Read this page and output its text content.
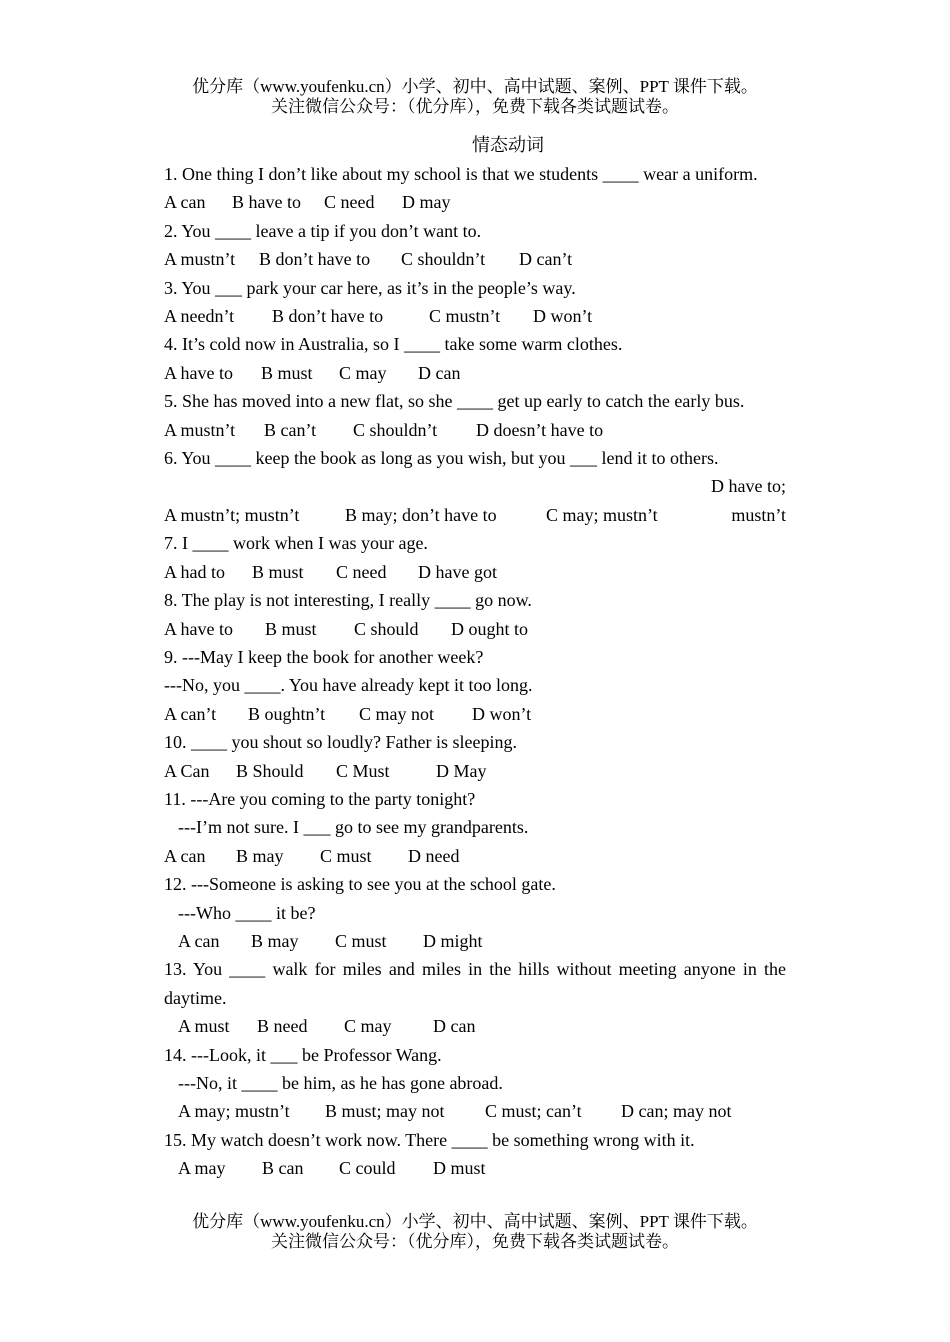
优分库（www.youfenku.cn）小学、初中、高中试题、案例、PPT 课件下载。
关注微信公众号：（优分库），免费下载各类试题试卷。
情态动词
1. One thing I don’t like about my school is that we students ____ wear a uniform.
A can B have to C need D may
2. You ____ leave a tip if you don’t want to.
A mustn’t B don’t have to C shouldn’t D can’t
3. You ___ park your car here, as it’s in the people’s way.
A needn’t B don’t have to	C mustn’t D won’t
4. It’s cold now in Australia, so I ____ take some warm clothes.
A have to B must C may D can
5. She has moved into a new flat, so she ____ get up early to catch the early bus.
A mustn’t B can’t C shouldn’t D doesn’t have to
6. You ____ keep the book as long as you wish, but you ___ lend it to others.
A mustn’t; mustn’t	B may; don’t have to	C may; mustn’tD have to; mustn’t
7. I ____ work when I was your age.
A had to B must C need D have got
8. The play is not interesting, I really ____ go now.
A have to B must C should D ought to
9. ---May I keep the book for another week?
---No, you ____. You have already kept it too long.
A can’t B oughtn’t C may not D won’t
10. ____ you shout so loudly? Father is sleeping.
A Can B Should C Must	D May
11. ---Are you coming to the party tonight?
---I’m not sure. I ___ go to see my grandparents.
A can B may C must D need
12. ---Someone is asking to see you at the school gate.
---Who ____ it be?
A can B may C must D might
13. You ____ walk for miles and miles in the hills without meeting anyone in the daytime.
A must B need C may D can
14. ---Look, it ___ be Professor Wang.
---No, it ____ be him, as he has gone abroad.
A may; mustn’t B must; may not C must; can’t D can; may not
15. My watch doesn’t work now. There ____ be something wrong with it.
A may B can C could D must
优分库（www.youfenku.cn）小学、初中、高中试题、案例、PPT 课件下载。
关注微信公众号：（优分库），免费下载各类试题试卷。
